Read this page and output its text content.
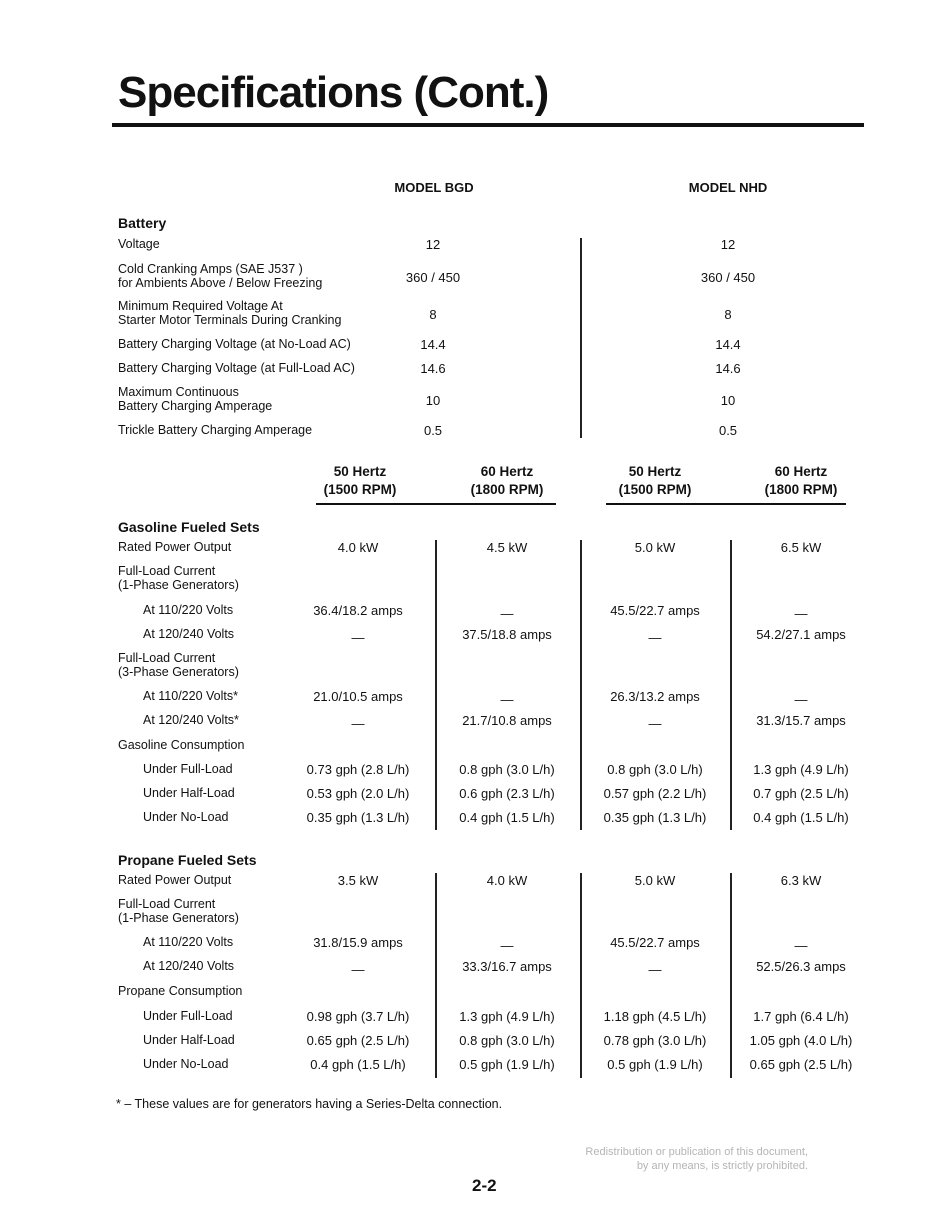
Specifications (Cont.)
MODEL BGD	MODEL NHD
Battery
Voltage	12	12
Cold Cranking Amps (SAE J537 )
for Ambients Above / Below Freezing	360 / 450	360 / 450
Minimum Required Voltage At
Starter Motor Terminals During Cranking	8	8
Battery Charging Voltage (at No-Load AC)	14.4	14.4
Battery Charging Voltage (at Full-Load AC)	14.6	14.6
Maximum Continuous
Battery Charging Amperage	10	10
Trickle Battery Charging Amperage	0.5	0.5
50 Hertz
(1500 RPM)
60 Hertz
(1800 RPM)
50 Hertz
(1500 RPM)
60 Hertz
(1800 RPM)
Gasoline Fueled Sets
Rated Power Output	4.0 kW	4.5 kW	5.0 kW	6.5 kW
Full-Load Current
(1-Phase Generators)
At 110/220 Volts	36.4/18.2 amps	—	45.5/22.7 amps	—
At 120/240 Volts	—	37.5/18.8 amps	—	54.2/27.1 amps
Full-Load Current
(3-Phase Generators)
At 110/220 Volts*	21.0/10.5 amps	—	26.3/13.2 amps	—
At 120/240 Volts*	—	21.7/10.8 amps	—	31.3/15.7 amps
Gasoline Consumption
Under Full-Load	0.73 gph (2.8 L/h)	0.8 gph (3.0 L/h)	0.8 gph (3.0 L/h)	1.3 gph (4.9 L/h)
Under Half-Load	0.53 gph (2.0 L/h)	0.6 gph (2.3 L/h)	0.57 gph (2.2 L/h)	0.7 gph (2.5 L/h)
Under No-Load	0.35 gph (1.3 L/h)	0.4 gph (1.5 L/h)	0.35 gph (1.3 L/h)	0.4 gph (1.5 L/h)
Propane Fueled Sets
Rated Power Output	3.5 kW	4.0 kW	5.0 kW	6.3 kW
Full-Load Current
(1-Phase Generators)
At 110/220 Volts	31.8/15.9 amps	—	45.5/22.7 amps	—
At 120/240 Volts	—	33.3/16.7 amps	—	52.5/26.3 amps
Propane Consumption
Under Full-Load	0.98 gph (3.7 L/h)	1.3 gph (4.9 L/h)	1.18 gph (4.5 L/h)	1.7 gph (6.4 L/h)
Under Half-Load	0.65 gph (2.5 L/h)	0.8 gph (3.0 L/h)	0.78 gph (3.0 L/h)	1.05 gph (4.0 L/h)
Under No-Load	0.4 gph (1.5 L/h)	0.5 gph (1.9 L/h)	0.5 gph (1.9 L/h)	0.65 gph (2.5 L/h)
* – These values are for generators having a Series-Delta connection.
Redistribution or publication of this document,
by any means, is strictly prohibited.
2-2
